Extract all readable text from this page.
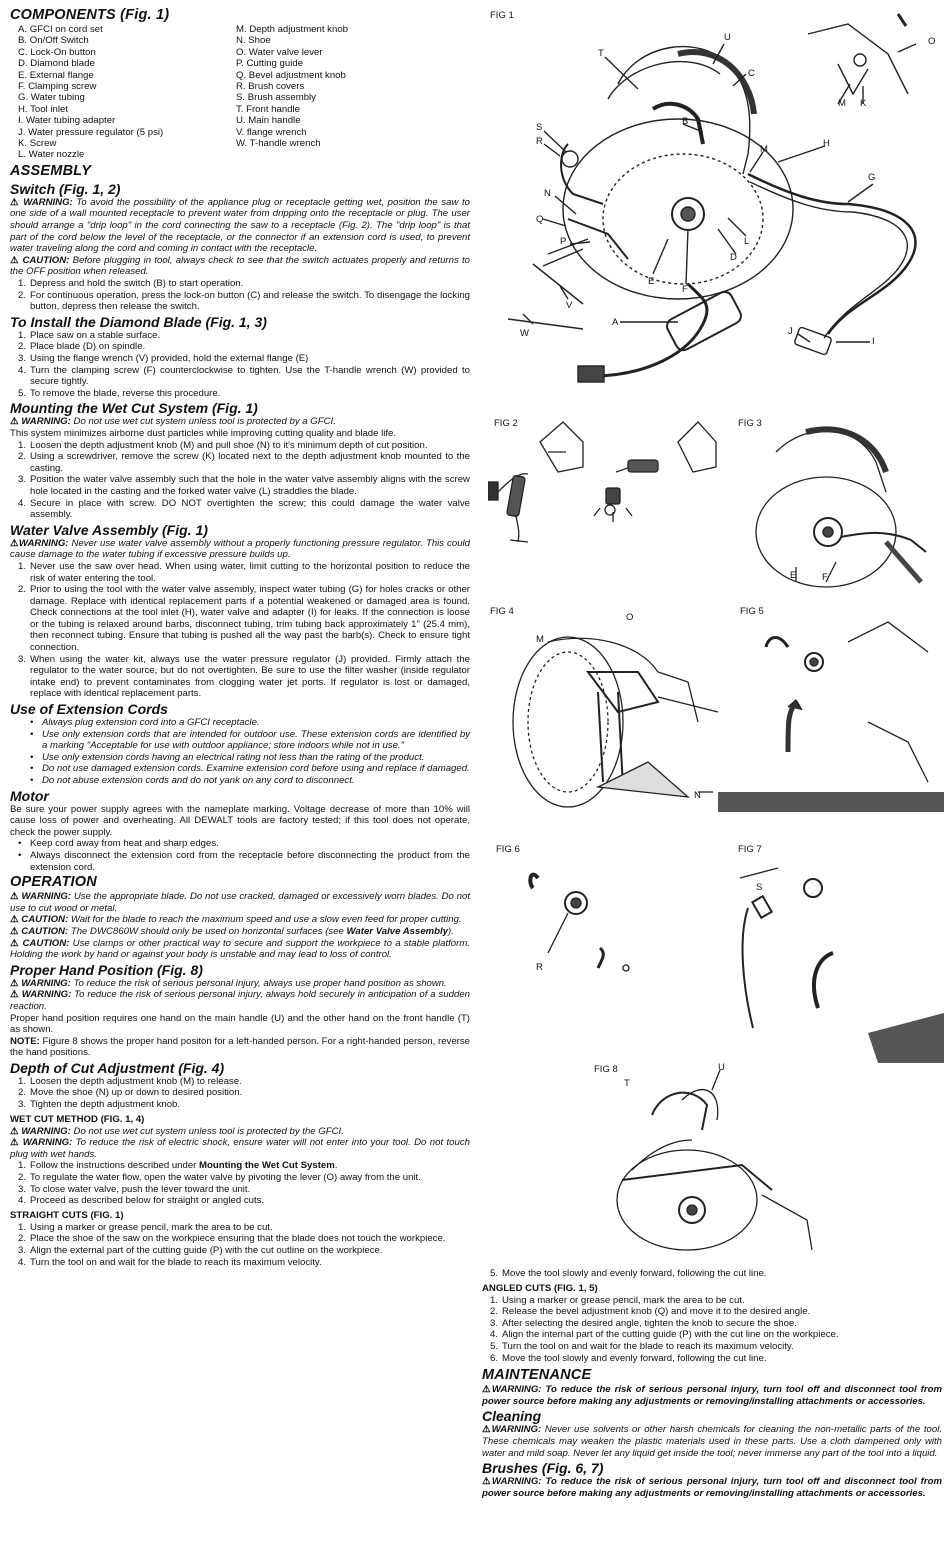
COMPONENTS (Fig. 1)
A. GFCI on cord set
B. On/Off Switch
C. Lock-On button
D. Diamond blade
E. External flange
F. Clamping screw
G. Water tubing
H. Tool inlet
I. Water tubing adapter
J. Water pressure regulator (5 psi)
K. Screw
L. Water nozzle
M. Depth adjustment knob
N. Shoe
O. Water valve lever
P. Cutting guide
Q. Bevel adjustment knob
R. Brush covers
S. Brush assembly
T. Front handle
U. Main handle
V. flange wrench
W. T-handle wrench
ASSEMBLY
Switch (Fig. 1, 2)

⚠ WARNING: To avoid the possibility of the appliance plug or receptacle getting wet, position the saw to one side of a wall mounted receptacle to prevent water from dripping onto the receptacle or plug. The user should arrange a "drip loop" in the cord connecting the saw to a receptacle (Fig. 2). The "drip loop" is that part of the cord below the level of the receptacle, or the connector if an extension cord is used, to prevent water traveling along the cord and coming in contact with the receptacle.

⚠ CAUTION: Before plugging in tool, always check to see that the switch actuates properly and returns to the OFF position when released.

1. Depress and hold the switch (B) to start operation.
2. For continuous operation, press the lock-on button (C) and release the switch. To disengage the locking button, depress then release the switch.
To Install the Diamond Blade (Fig. 1, 3)
1. Place saw on a stable surface.
2. Place blade (D) on spindle.
3. Using the flange wrench (V) provided, hold the external flange (E)
4. Turn the clamping screw (F) counterclockwise to tighten. Use the T-handle wrench (W) provided to secure tightly.
5. To remove the blade, reverse this procedure.
Mounting the Wet Cut System (Fig. 1)

⚠ WARNING: Do not use wet cut system unless tool is protected by a GFCI.

This system minimizes airborne dust particles while improving cutting quality and blade life.

1. Loosen the depth adjustment knob (M) and pull shoe (N) to it's minimum depth of cut position.
2. Using a screwdriver, remove the screw (K) located next to the depth adjustment knob mounted to the casting.
3. Position the water valve assembly such that the hole in the water valve assembly aligns with the screw hole located in the casting and the forked water valve (L) straddles the blade.
4. Secure in place with screw. DO NOT overtighten the screw; this could damage the water valve assembly.
Water Valve Assembly (Fig. 1)

⚠WARNING: Never use water valve assembly without a properly functioning pressure regulator. This could cause damage to the water tubing if excessive pressure builds up.

1. Never use the saw over head. When using water, limit cutting to the horizontal position to reduce the risk of water entering the tool.
2. Prior to using the tool with the water valve assembly, inspect water tubing (G) for holes cracks or other damage. Replace with identical replacement parts if a potential weakened or damaged area is found. Check connections at the tool inlet (H), water valve and adapter (I) for leaks. If the connection is loose or the tubing is relaxed around barbs, disconnect tubing, trim tubing back approximately 1" (25.4 mm), then reconnect tubing. Ensure that tubing is pushed all the way past the barb(s). Check to ensure tight connection.
3. When using the water kit, always use the water pressure regulator (J) provided. Firmly attach the regulator to the water source, but do not overtighten. Be sure to use the filter washer (inside regulator intake end) to prevent contaminates from clogging water jet ports. If regulator is lost or damaged, replace with identical replacement parts.
Use of Extension Cords
• Always plug extension cord into a GFCI receptacle.
• Use only extension cords that are intended for outdoor use. These extension cords are identified by a marking "Acceptable for use with outdoor appliance; store indoors while not in use."
• Use only extension cords having an electrical rating not less than the rating of the product.
• Do not use damaged extension cords. Examine extension cord before using and replace if damaged.
• Do not abuse extension cords and do not yank on any cord to disconnect.
Motor

Be sure your power supply agrees with the nameplate marking. Voltage decrease of more than 10% will cause loss of power and overheating. All DEWALT tools are factory tested; if this tool does not operate, check the power supply.

• Keep cord away from heat and sharp edges.
• Always disconnect the extension cord from the receptacle before disconnecting the product from the extension cord.
OPERATION

⚠ WARNING: Use the appropriate blade. Do not use cracked, damaged or excessively worn blades. Do not use to cut wood or metal.

⚠ CAUTION: Wait for the blade to reach the maximum speed and use a slow even feed for proper cutting.

⚠ CAUTION: The DWC860W should only be used on horizontal surfaces (see Water Valve Assembly).

⚠ CAUTION: Use clamps or other practical way to secure and support the workpiece to a stable platform. Holding the work by hand or against your body is unstable and may lead to loss of control.

Proper Hand Position (Fig. 8)

⚠ WARNING: To reduce the risk of serious personal injury, always use proper hand position as shown.

⚠ WARNING: To reduce the risk of serious personal injury, always hold securely in anticipation of a sudden reaction.

Proper hand position requires one hand on the main handle (U) and the other hand on the front handle (T) as shown.

NOTE: Figure 8 shows the proper hand positon for a left-handed person. For a right-handed person, reverse the hand positions.

Depth of Cut Adjustment (Fig. 4)
1. Loosen the depth adjustment knob (M) to release.
2. Move the shoe (N) up or down to desired position.
3. Tighten the depth adjustment knob.
WET CUT METHOD (FIG. 1, 4)

⚠ WARNING: Do not use wet cut system unless tool is protected by the GFCI.

⚠ WARNING: To reduce the risk of electric shock, ensure water will not enter into your tool. Do not touch plug with wet hands.

1. Follow the instructions described under Mounting the Wet Cut System.
2. To regulate the water flow, open the water valve by pivoting the lever (O) away from the unit.
3. To close water valve, push the lever toward the unit.
4. Proceed as described below for straight or angled cuts.
STRAIGHT CUTS (FIG. 1)
1. Using a marker or grease pencil, mark the area to be cut.
2. Place the shoe of the saw on the workpiece ensuring that the blade does not touch the workpiece.
3. Align the external part of the cutting guide (P) with the cut outline on the workpiece.
4. Turn the tool on and wait for the blade to reach its maximum velocity.
5. Move the tool slowly and evenly forward, following the cut line.
ANGLED CUTS (FIG. 1, 5)
1. Using a marker or grease pencil, mark the area to be cut.
2. Release the bevel adjustment knob (Q) and move it to the desired angle.
3. After selecting the desired angle, tighten the knob to secure the shoe.
4. Align the internal part of the cutting guide (P) with the cut line on the workpiece.
5. Turn the tool on and wait for the blade to reach its maximum velocity.
6. Move the tool slowly and evenly forward, following the cut line.
MAINTENANCE

⚠WARNING: To reduce the risk of serious personal injury, turn tool off and disconnect tool from power source before making any adjustments or removing/installing attachments or accessories.

Cleaning

⚠WARNING: Never use solvents or other harsh chemicals for cleaning the non-metallic parts of the tool. These chemicals may weaken the plastic materials used in these parts. Use a cloth dampened only with water and mild soap. Never let any liquid get inside the tool; never immerse any part of the tool into a liquid.

Brushes (Fig. 6, 7)

⚠WARNING: To reduce the risk of serious personal injury, turn tool off and disconnect tool from power source before making any adjustments or removing/installing attachments or accessories.

FIG 1
T
U
C
B
S
R
M
H
O
M K
N
Q
P
E
F
D
L
G
V
W
A
J
I
FIG 2	FIG 3
E	F
FIG 4	FIG 5
O
M
N
FIG 6	FIG 7
R
S
FIG 8
T
U
